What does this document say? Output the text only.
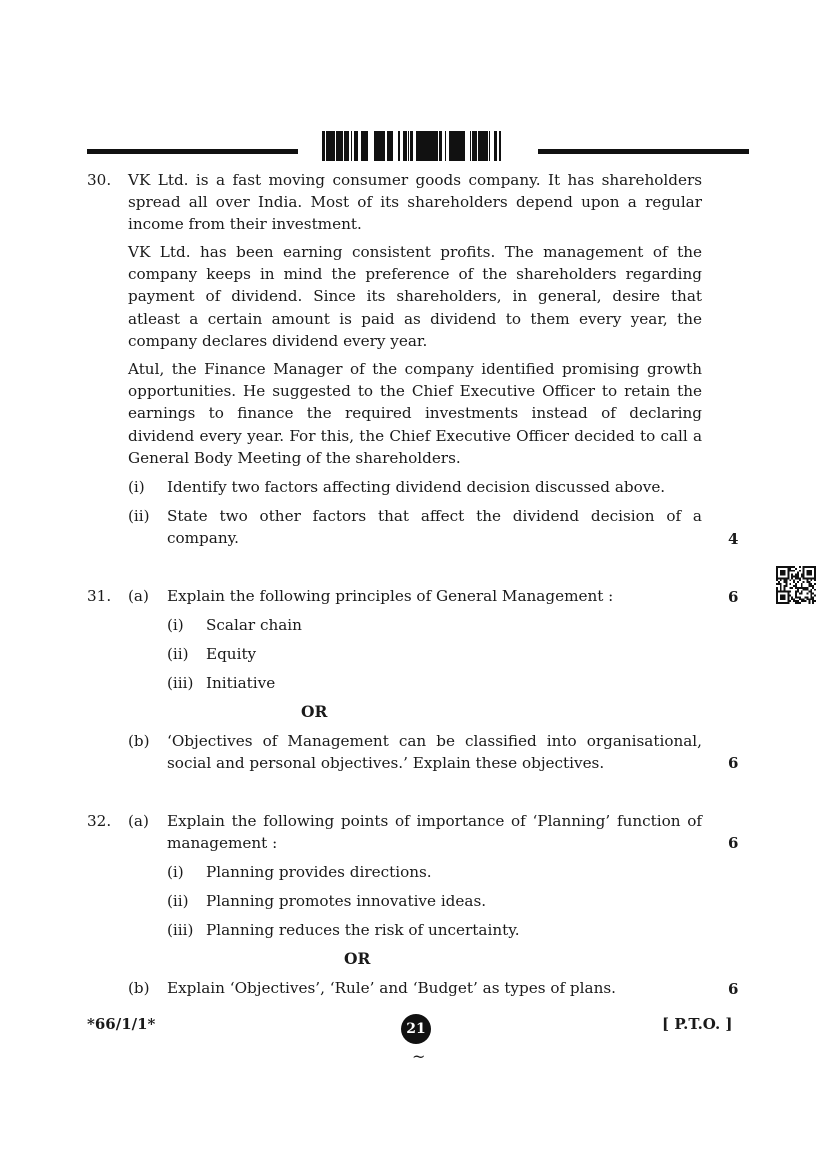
30. VK Ltd. is a fast moving consumer goods company. It has shareholders

spread all over India. Most of its shareholders depend upon a regular

income from their investment.

VK Ltd. has been earning consistent profits. The management of the

company keeps in mind the preference of the shareholders regarding

payment of dividend. Since its shareholders, in general, desire that

atleast a certain amount is paid as dividend to them every year, the

company declares dividend every year.

Atul, the Finance Manager of the company identified promising growth

opportunities. He suggested to the Chief Executive Officer to retain the

earnings to finance the required investments instead of declaring

dividend every year. For this, the Chief Executive Officer decided to call a

General Body Meeting of the shareholders.

(i) Identify two factors affecting dividend decision discussed above.
(ii) State two other factors that affect the dividend decision of a

company.	4
31. (a) Explain the following principles of General Management :	6
(i) Scalar chain
(ii) Equity
(iii) Initiative
OR
(b) ‘Objectives of Management can be classified into organisational,

social and personal objectives.’ Explain these objectives.	6
32. (a) Explain the following points of importance of ‘Planning’ function of

management :	6
(i) Planning provides directions.
(ii) Planning promotes innovative ideas.
(iii) Planning reduces the risk of uncertainty.
OR
(b) Explain ‘Objectives’, ‘Rule’ and ‘Budget’ as types of plans.	6
*66/1/1*	21	[ P.T.O. ]
~
